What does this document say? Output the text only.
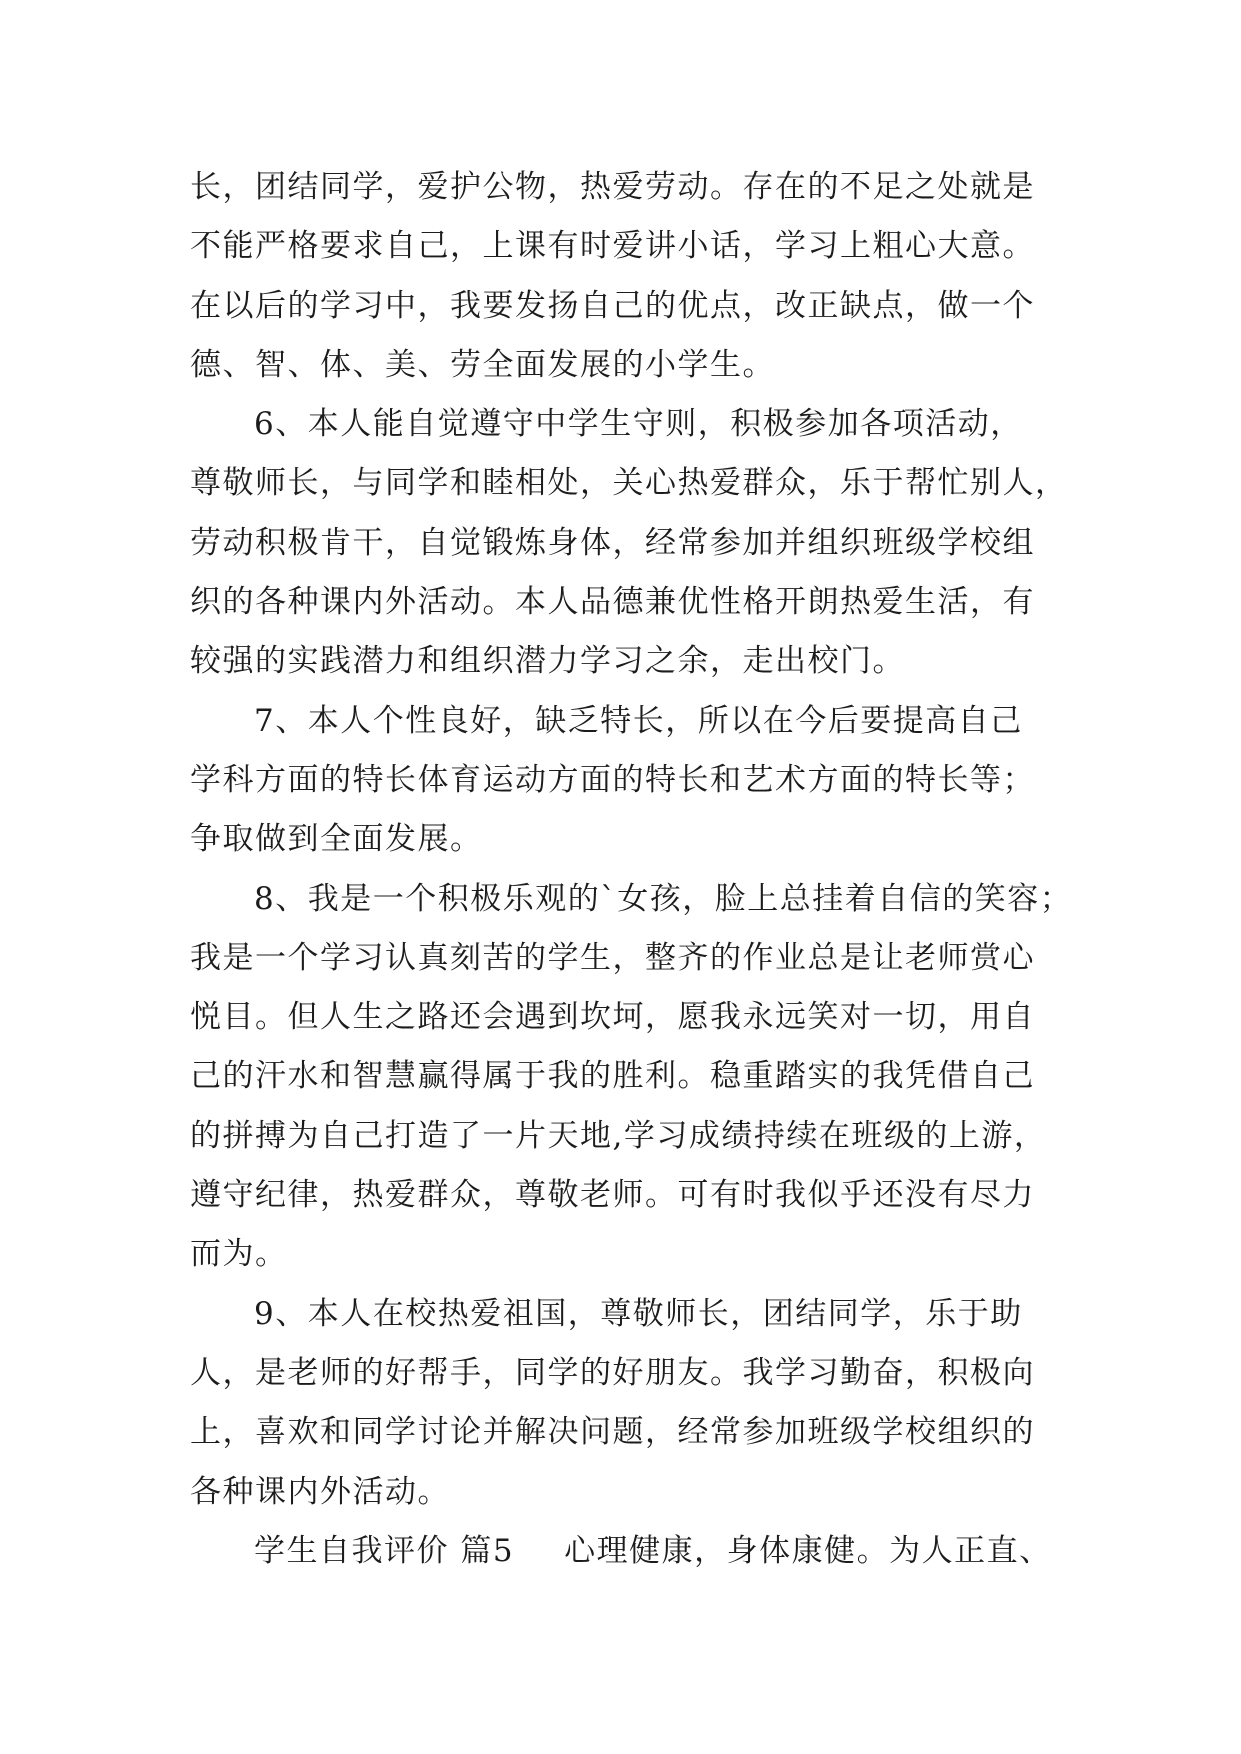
长，团结同学，爱护公物，热爱劳动。存在的不足之处就是
不能严格要求自己，上课有时爱讲小话，学习上粗心大意。
在以后的学习中，我要发扬自己的优点，改正缺点，做一个
德、智、体、美、劳全面发展的小学生。
6、本人能自觉遵守中学生守则，积极参加各项活动，
尊敬师长，与同学和睦相处，关心热爱群众，乐于帮忙别人，
劳动积极肯干，自觉锻炼身体，经常参加并组织班级学校组
织的各种课内外活动。本人品德兼优性格开朗热爱生活，有
较强的实践潜力和组织潜力学习之余，走出校门。
7、本人个性良好，缺乏特长，所以在今后要提高自己
学科方面的特长体育运动方面的特长和艺术方面的特长等；
争取做到全面发展。
8、我是一个积极乐观的`女孩，脸上总挂着自信的笑容；
我是一个学习认真刻苦的学生，整齐的作业总是让老师赏心
悦目。但人生之路还会遇到坎坷，愿我永远笑对一切，用自
己的汗水和智慧赢得属于我的胜利。稳重踏实的我凭借自己
的拼搏为自己打造了一片天地,学习成绩持续在班级的上游，
遵守纪律，热爱群众，尊敬老师。可有时我似乎还没有尽力
而为。
9、本人在校热爱祖国，尊敬师长，团结同学，乐于助
人，是老师的好帮手，同学的好朋友。我学习勤奋，积极向
上，喜欢和同学讨论并解决问题，经常参加班级学校组织的
各种课内外活动。
学生自我评价 篇5 心理健康，身体康健。为人正直、
